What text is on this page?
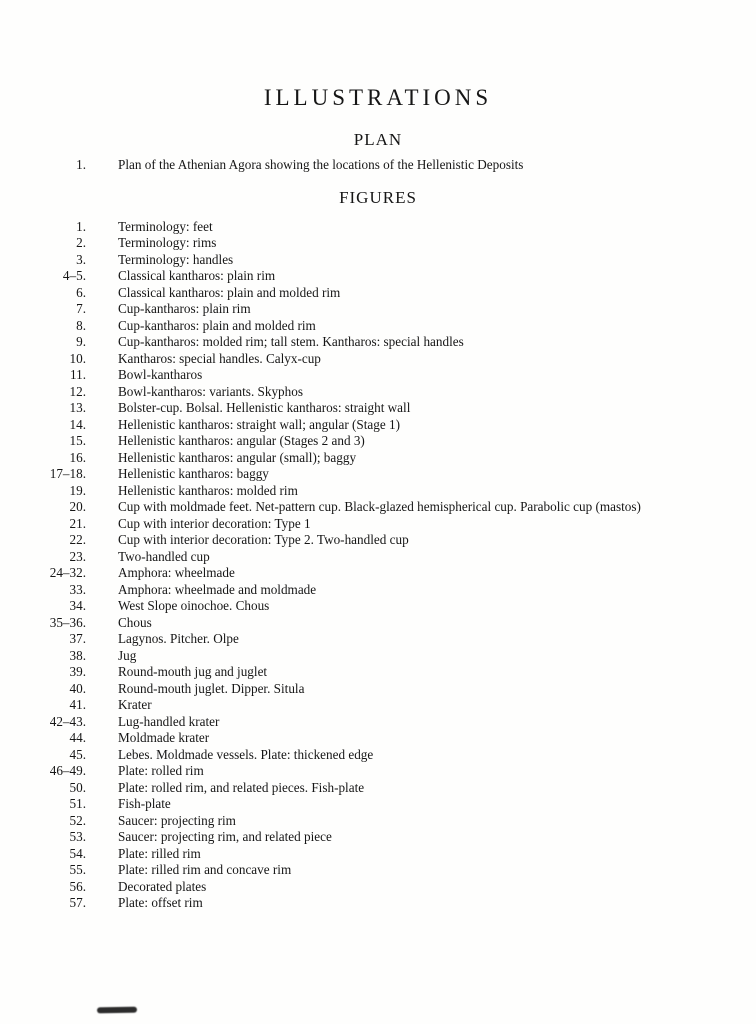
ILLUSTRATIONS
PLAN
1.	Plan of the Athenian Agora showing the locations of the Hellenistic Deposits
FIGURES
1.	Terminology: feet
2.	Terminology: rims
3.	Terminology: handles
4–5.	Classical kantharos: plain rim
6.	Classical kantharos: plain and molded rim
7.	Cup-kantharos: plain rim
8.	Cup-kantharos: plain and molded rim
9.	Cup-kantharos: molded rim; tall stem. Kantharos: special handles
10.	Kantharos: special handles. Calyx-cup
11.	Bowl-kantharos
12.	Bowl-kantharos: variants. Skyphos
13.	Bolster-cup. Bolsal. Hellenistic kantharos: straight wall
14.	Hellenistic kantharos: straight wall; angular (Stage 1)
15.	Hellenistic kantharos: angular (Stages 2 and 3)
16.	Hellenistic kantharos: angular (small); baggy
17–18.	Hellenistic kantharos: baggy
19.	Hellenistic kantharos: molded rim
20.	Cup with moldmade feet. Net-pattern cup. Black-glazed hemispherical cup. Parabolic cup (mastos)
21.	Cup with interior decoration: Type 1
22.	Cup with interior decoration: Type 2. Two-handled cup
23.	Two-handled cup
24–32.	Amphora: wheelmade
33.	Amphora: wheelmade and moldmade
34.	West Slope oinochoe. Chous
35–36.	Chous
37.	Lagynos. Pitcher. Olpe
38.	Jug
39.	Round-mouth jug and juglet
40.	Round-mouth juglet. Dipper. Situla
41.	Krater
42–43.	Lug-handled krater
44.	Moldmade krater
45.	Lebes. Moldmade vessels. Plate: thickened edge
46–49.	Plate: rolled rim
50.	Plate: rolled rim, and related pieces. Fish-plate
51.	Fish-plate
52.	Saucer: projecting rim
53.	Saucer: projecting rim, and related piece
54.	Plate: rilled rim
55.	Plate: rilled rim and concave rim
56.	Decorated plates
57.	Plate: offset rim
